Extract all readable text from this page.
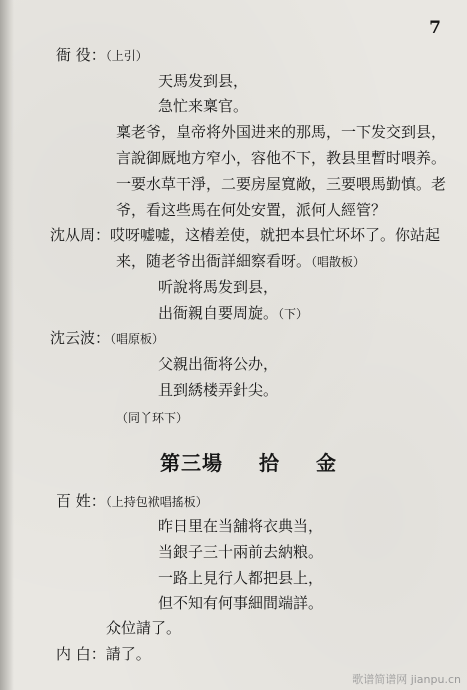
7
衙 役：（上引）
天馬发到县，
急忙来稟官。
稟老爷，皇帝将外国进来的那馬，一下发交到县，
言說御厩地方窄小，容他不下，教县里暫时喂养。
一要水草干淨，二要房屋寬敞，三要喂馬勤慎。老
爷，看这些馬在何处安置，派何人經管？
沈从周：哎呀嘘嘘，这樁差使，就把本县忙坏坏了。你站起
来，随老爷出衙詳細察看呀。（唱散板）
听說将馬发到县，
出衙親自要周旋。（下）
沈云波：（唱原板）
父親出衙将公办，
且到綉楼弄針尖。
（同丫环下）
第三場 拾 金
百 姓：（上持包袱唱搖板）
昨日里在当舖将衣典当，
当銀子三十兩前去納粮。
一路上見行人都把县上，
但不知有何事細間端詳。
众位請了。
内 白：請了。
歌谱简谱网 jianpu.cn
